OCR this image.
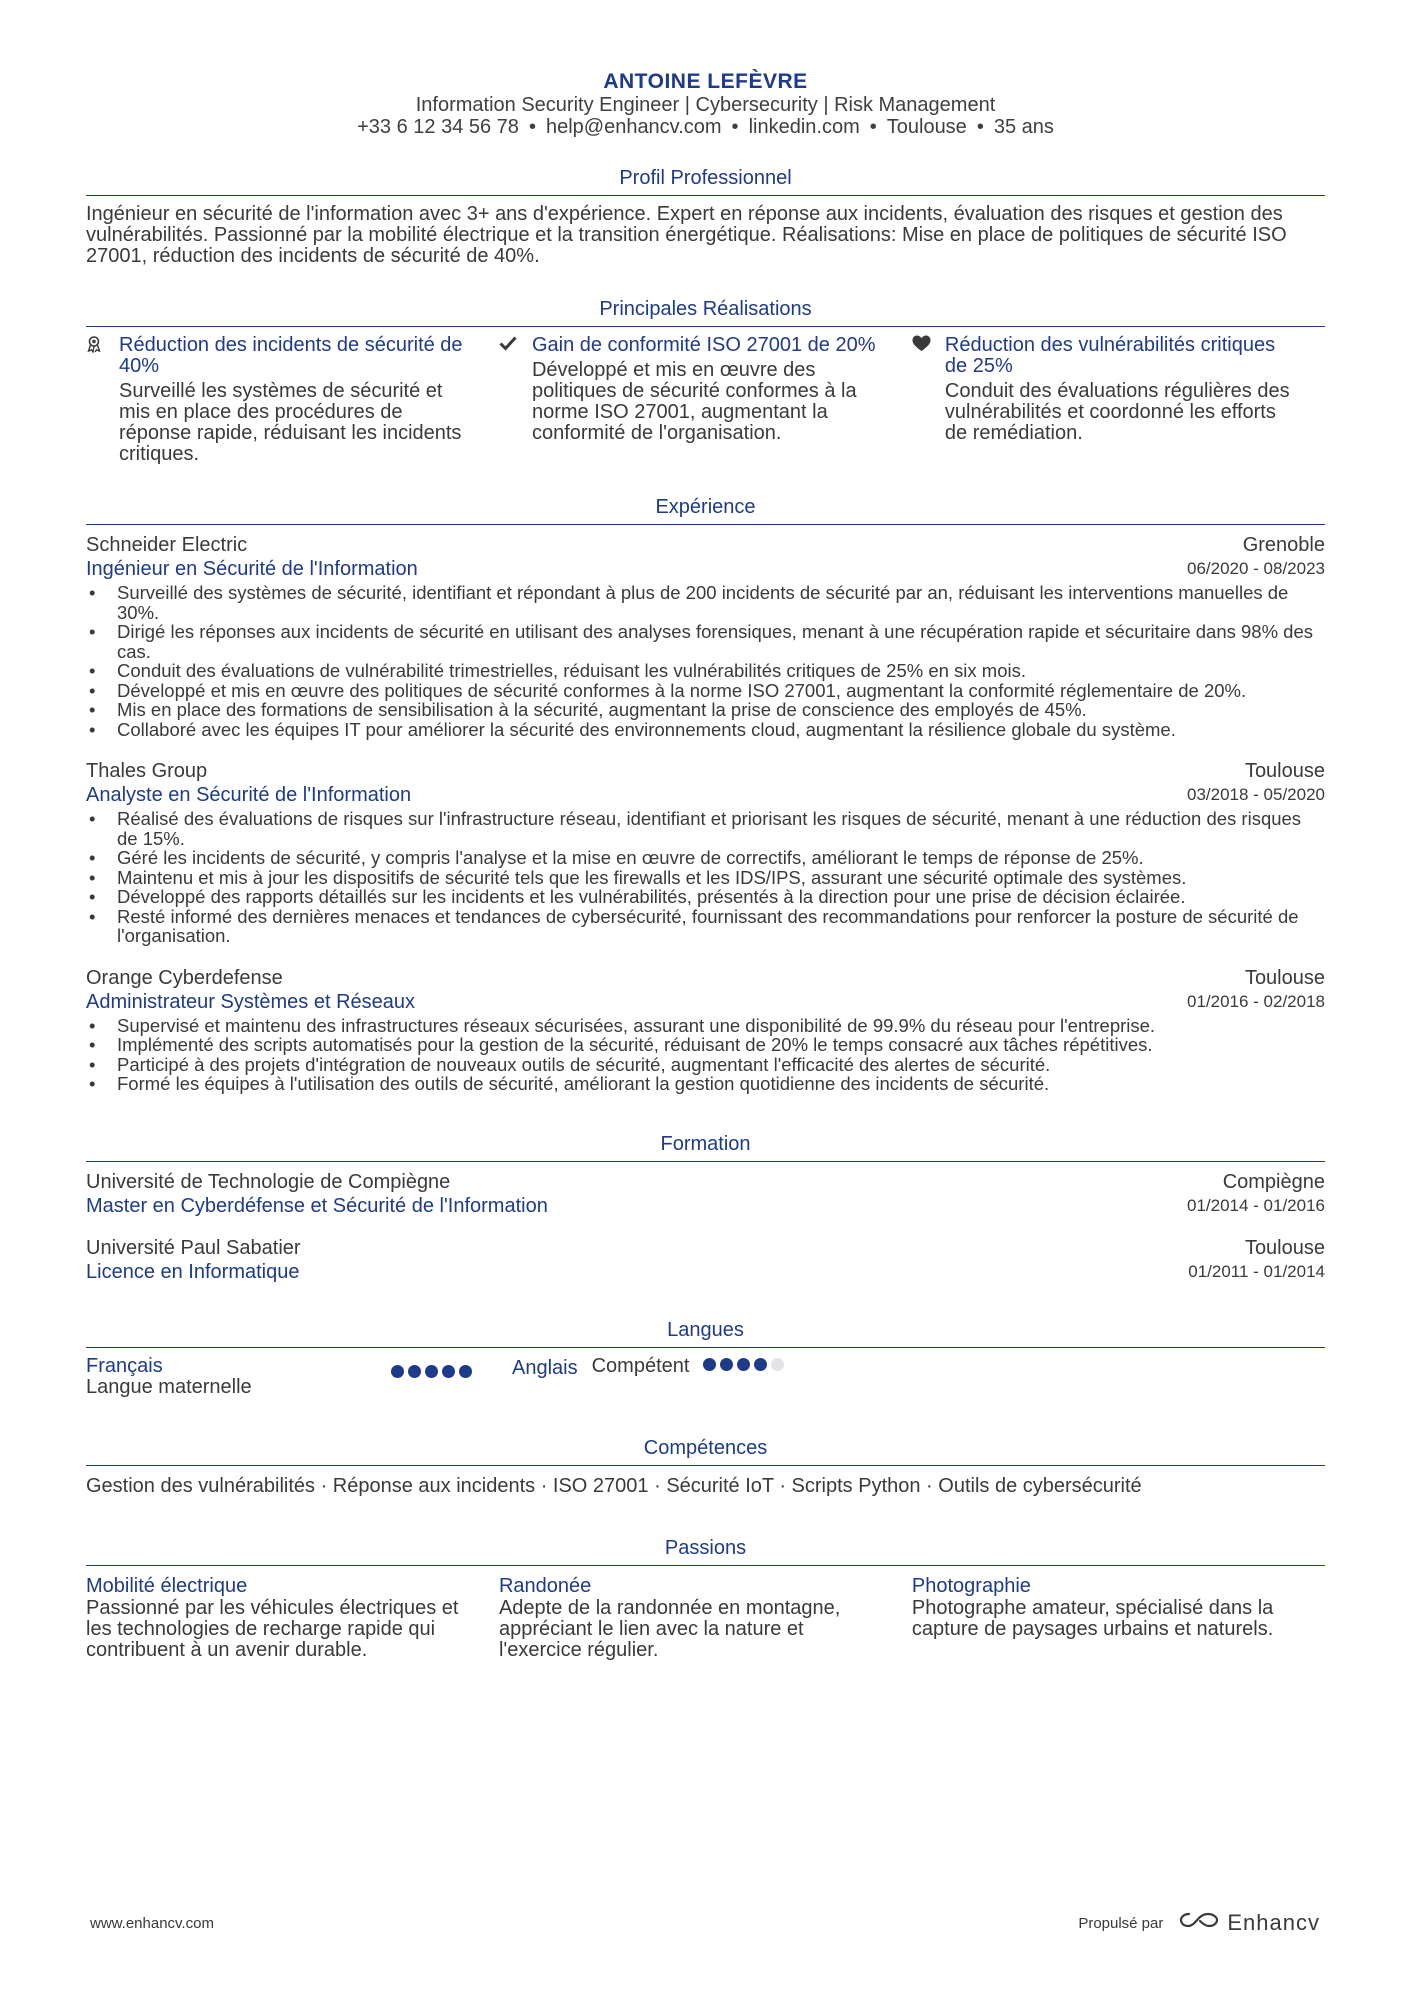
ANTOINE LEFÈVRE
Information Security Engineer | Cybersecurity | Risk Management
+33 6 12 34 56 78 • help@enhancv.com • linkedin.com • Toulouse • 35 ans
Profil Professionnel
Ingénieur en sécurité de l'information avec 3+ ans d'expérience. Expert en réponse aux incidents, évaluation des risques et gestion des vulnérabilités. Passionné par la mobilité électrique et la transition énergétique. Réalisations: Mise en place de politiques de sécurité ISO 27001, réduction des incidents de sécurité de 40%.
Principales Réalisations
Réduction des incidents de sécurité de 40%
Surveillé les systèmes de sécurité et mis en place des procédures de réponse rapide, réduisant les incidents critiques.
Gain de conformité ISO 27001 de 20%
Développé et mis en œuvre des politiques de sécurité conformes à la norme ISO 27001, augmentant la conformité de l'organisation.
Réduction des vulnérabilités critiques de 25%
Conduit des évaluations régulières des vulnérabilités et coordonné les efforts de remédiation.
Expérience
Schneider Electric	Grenoble
Ingénieur en Sécurité de l'Information	06/2020 - 08/2023
• Surveillé des systèmes de sécurité, identifiant et répondant à plus de 200 incidents de sécurité par an, réduisant les interventions manuelles de 30%.
• Dirigé les réponses aux incidents de sécurité en utilisant des analyses forensiques, menant à une récupération rapide et sécuritaire dans 98% des cas.
• Conduit des évaluations de vulnérabilité trimestrielles, réduisant les vulnérabilités critiques de 25% en six mois.
• Développé et mis en œuvre des politiques de sécurité conformes à la norme ISO 27001, augmentant la conformité réglementaire de 20%.
• Mis en place des formations de sensibilisation à la sécurité, augmentant la prise de conscience des employés de 45%.
• Collaboré avec les équipes IT pour améliorer la sécurité des environnements cloud, augmentant la résilience globale du système.
Thales Group	Toulouse
Analyste en Sécurité de l'Information	03/2018 - 05/2020
• Réalisé des évaluations de risques sur l'infrastructure réseau, identifiant et priorisant les risques de sécurité, menant à une réduction des risques de 15%.
• Géré les incidents de sécurité, y compris l'analyse et la mise en œuvre de correctifs, améliorant le temps de réponse de 25%.
• Maintenu et mis à jour les dispositifs de sécurité tels que les firewalls et les IDS/IPS, assurant une sécurité optimale des systèmes.
• Développé des rapports détaillés sur les incidents et les vulnérabilités, présentés à la direction pour une prise de décision éclairée.
• Resté informé des dernières menaces et tendances de cybersécurité, fournissant des recommandations pour renforcer la posture de sécurité de l'organisation.
Orange Cyberdefense	Toulouse
Administrateur Systèmes et Réseaux	01/2016 - 02/2018
• Supervisé et maintenu des infrastructures réseaux sécurisées, assurant une disponibilité de 99.9% du réseau pour l'entreprise.
• Implémenté des scripts automatisés pour la gestion de la sécurité, réduisant de 20% le temps consacré aux tâches répétitives.
• Participé à des projets d'intégration de nouveaux outils de sécurité, augmentant l'efficacité des alertes de sécurité.
• Formé les équipes à l'utilisation des outils de sécurité, améliorant la gestion quotidienne des incidents de sécurité.
Formation
Université de Technologie de Compiègne	Compiègne
Master en Cyberdéfense et Sécurité de l'Information	01/2014 - 01/2016
Université Paul Sabatier	Toulouse
Licence en Informatique	01/2011 - 01/2014
Langues
Français
Langue maternelle
Anglais Compétent
Compétences
Gestion des vulnérabilités · Réponse aux incidents · ISO 27001 · Sécurité IoT · Scripts Python · Outils de cybersécurité
Passions
Mobilité électrique
Passionné par les véhicules électriques et les technologies de recharge rapide qui contribuent à un avenir durable.
Randonée
Adepte de la randonnée en montagne, appréciant le lien avec la nature et l'exercice régulier.
Photographie
Photographe amateur, spécialisé dans la capture de paysages urbains et naturels.
www.enhancv.com	Propulsé par	Enhancv
